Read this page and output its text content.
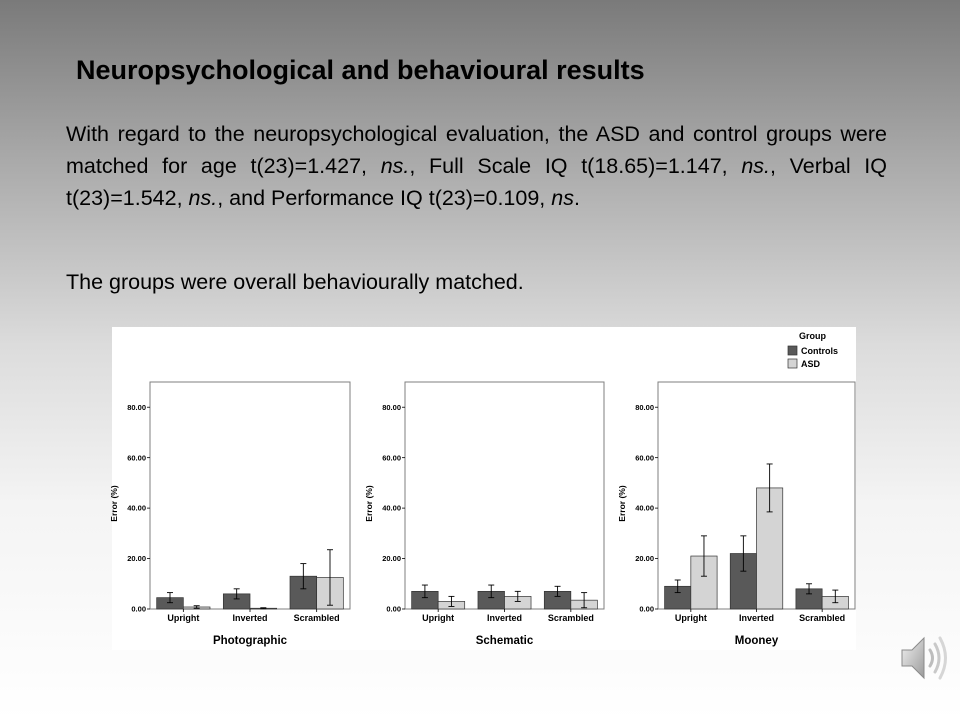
Neuropsychological and behavioural results

With regard to the neuropsychological evaluation, the ASD and control groups were matched for age t(23)=1.427, ns., Full Scale IQ t(18.65)=1.147, ns., Verbal IQ t(23)=1.542, ns., and Performance IQ t(23)=0.109, ns.

The groups were overall behaviourally matched.

0.00
20.00
40.00
60.00
80.00
Error (%)
Upright	Inverted	Scrambled
Photographic
0.00
20.00
40.00
60.00
80.00
Error (%)
Upright	Inverted	Scrambled
Schematic
0.00
20.00
40.00
60.00
80.00
Error (%)
Upright	Inverted	Scrambled
Mooney
Group
Controls
ASD
